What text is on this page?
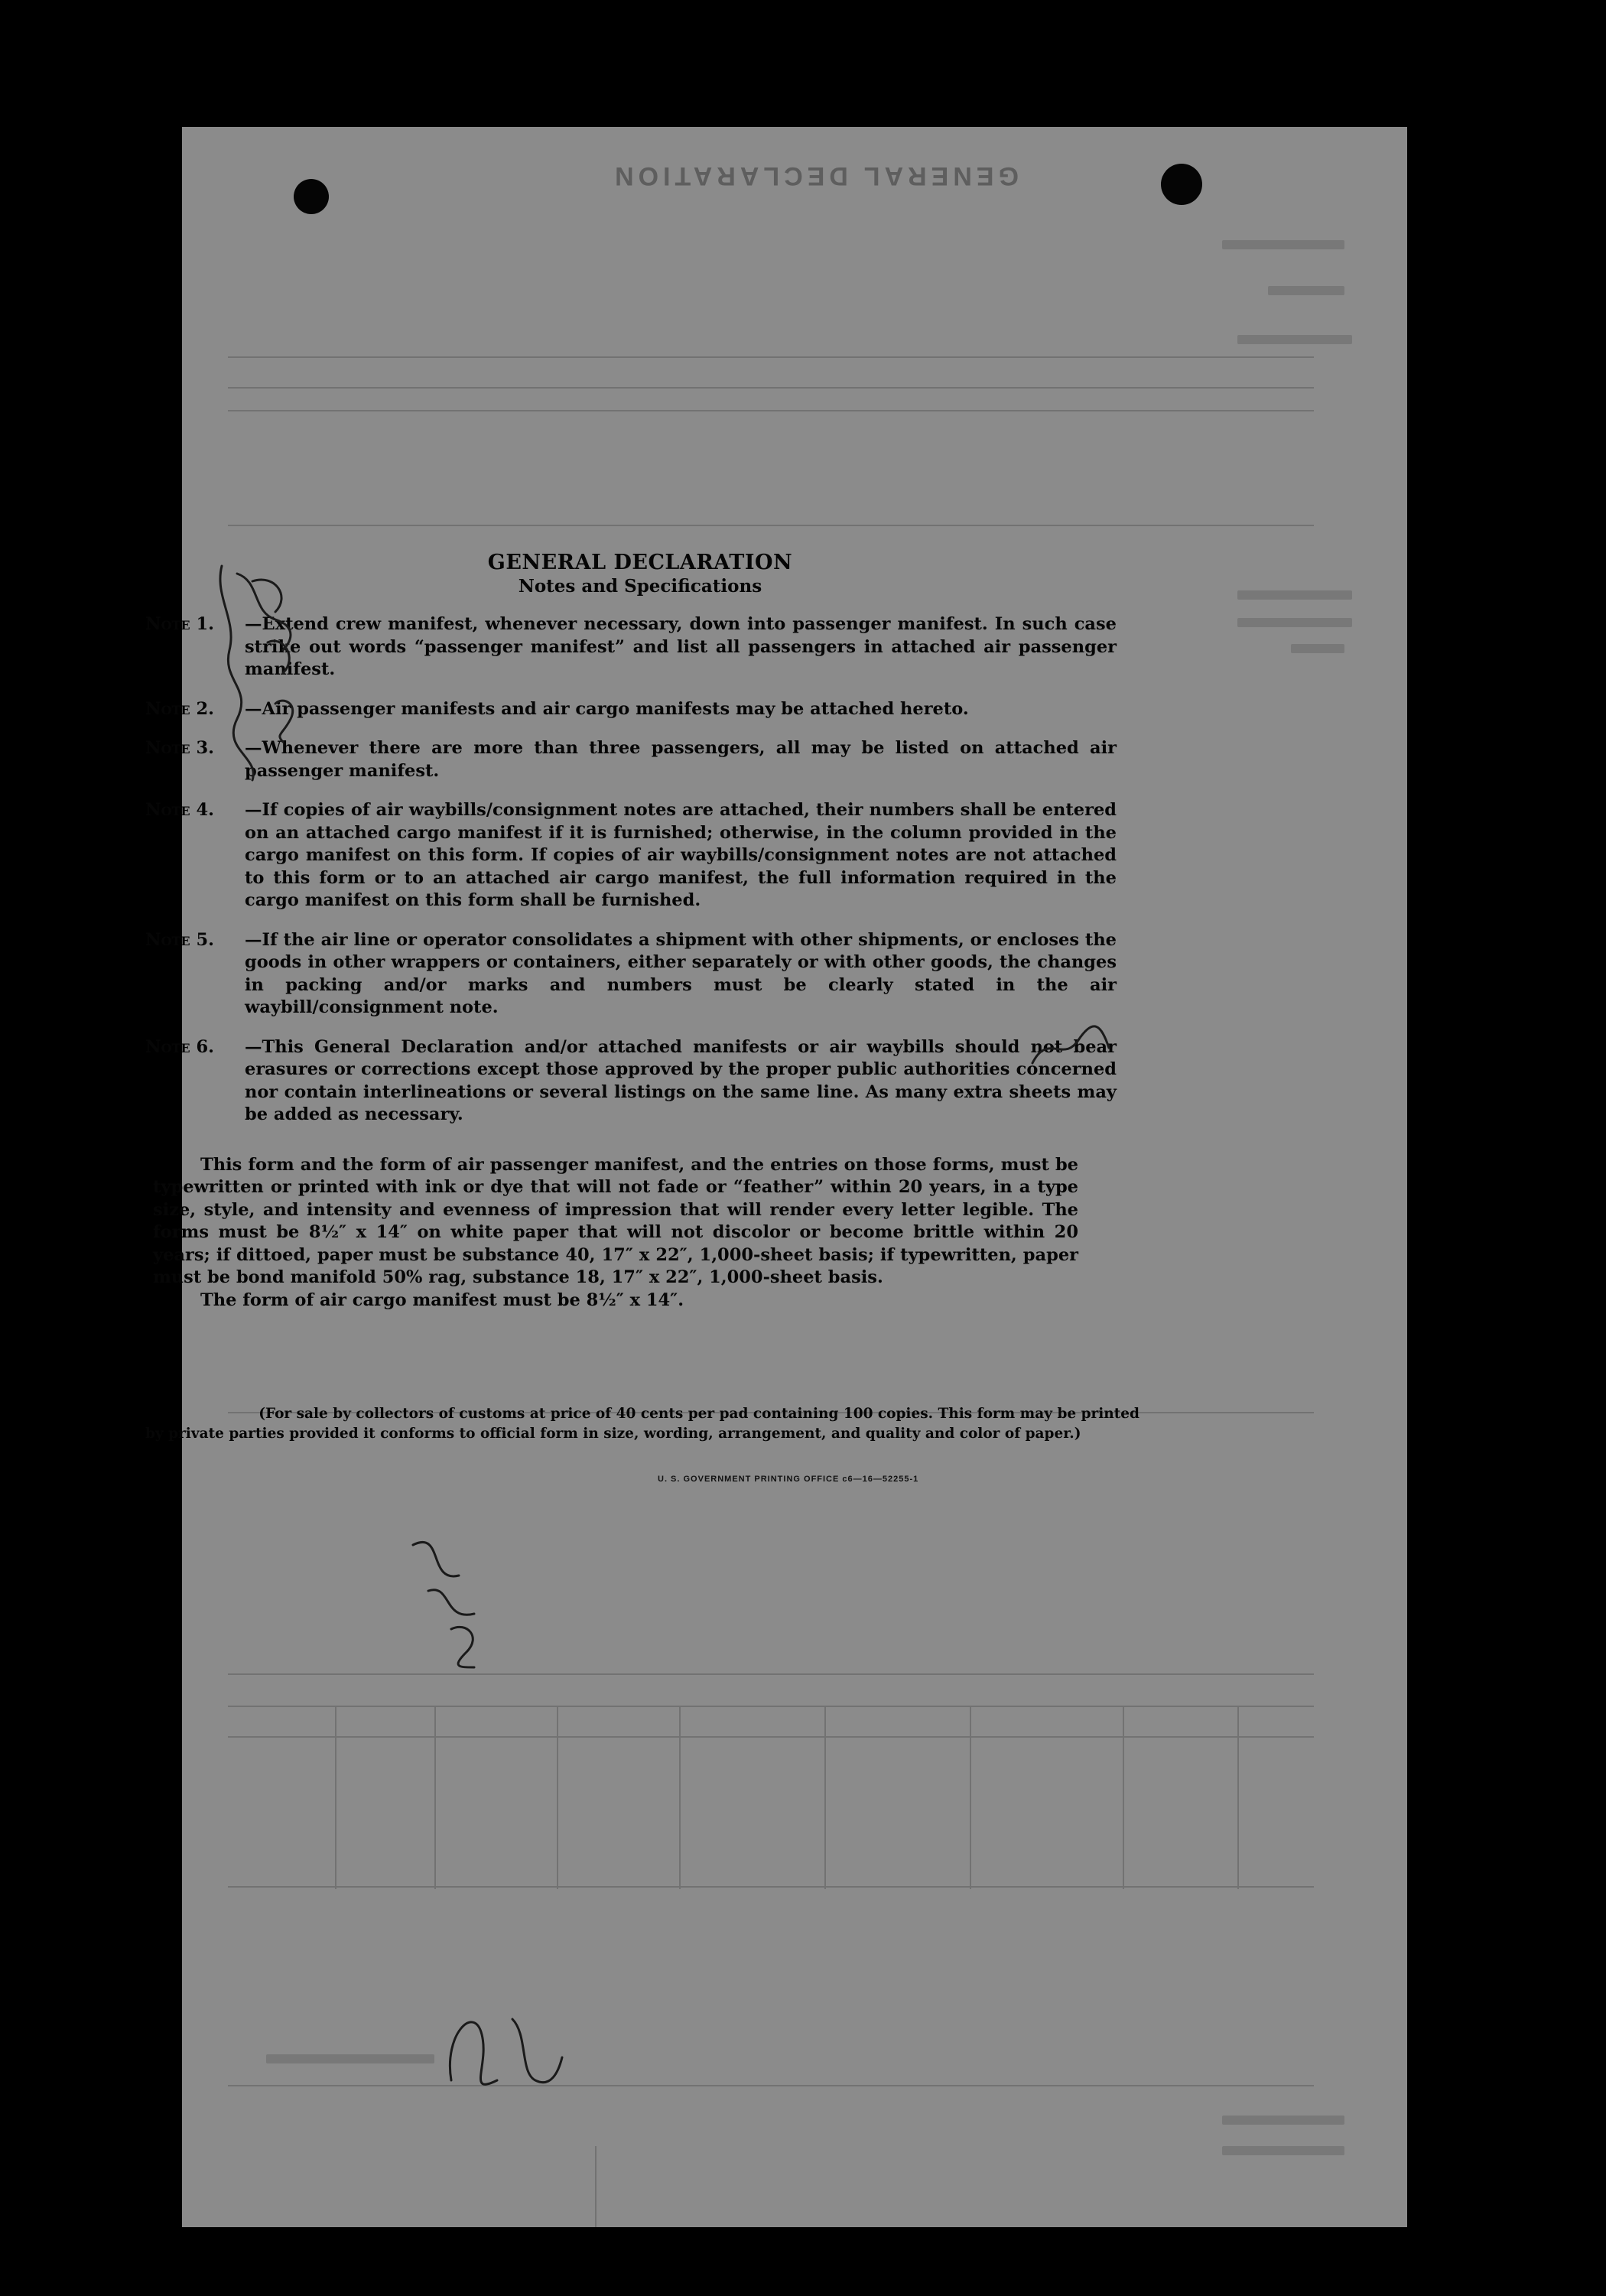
GENERAL DECLARATION
GENERAL DECLARATION
Notes and Specifications
Note 1.	—Extend crew manifest, whenever necessary, down into passenger manifest. In such case strike out words “passenger manifest” and list all passengers in attached air passenger manifest.
Note 2.	—Air passenger manifests and air cargo manifests may be attached hereto.
Note 3.	—Whenever there are more than three passengers, all may be listed on attached air passenger manifest.
Note 4.	—If copies of air waybills/consignment notes are attached, their numbers shall be entered on an attached cargo manifest if it is furnished; otherwise, in the column provided in the cargo manifest on this form. If copies of air waybills/consignment notes are not attached to this form or to an attached air cargo manifest, the full information required in the cargo manifest on this form shall be furnished.
Note 5.	—If the air line or operator consolidates a shipment with other shipments, or encloses the goods in other wrappers or containers, either separately or with other goods, the changes in packing and/or marks and numbers must be clearly stated in the air waybill/consignment note.
Note 6.	—This General Declaration and/or attached manifests or air waybills should not bear erasures or corrections except those approved by the proper public authorities concerned nor contain interlineations or several listings on the same line. As many extra sheets may be added as necessary.
This form and the form of air passenger manifest, and the entries on those forms, must be typewritten or printed with ink or dye that will not fade or “feather” within 20 years, in a type size, style, and intensity and evenness of impression that will render every letter legible. The forms must be 8½″ x 14″ on white paper that will not discolor or become brittle within 20 years; if dittoed, paper must be substance 40, 17″ x 22″, 1,000-sheet basis; if typewritten, paper must be bond manifold 50% rag, substance 18, 17″ x 22″, 1,000-sheet basis.
The form of air cargo manifest must be 8½″ x 14″.
(For sale by collectors of customs at price of 40 cents per pad containing 100 copies. This form may be printed
by private parties provided it conforms to official form in size, wording, arrangement, and quality and color of paper.)
U. S. GOVERNMENT PRINTING OFFICE c6—16—52255-1
